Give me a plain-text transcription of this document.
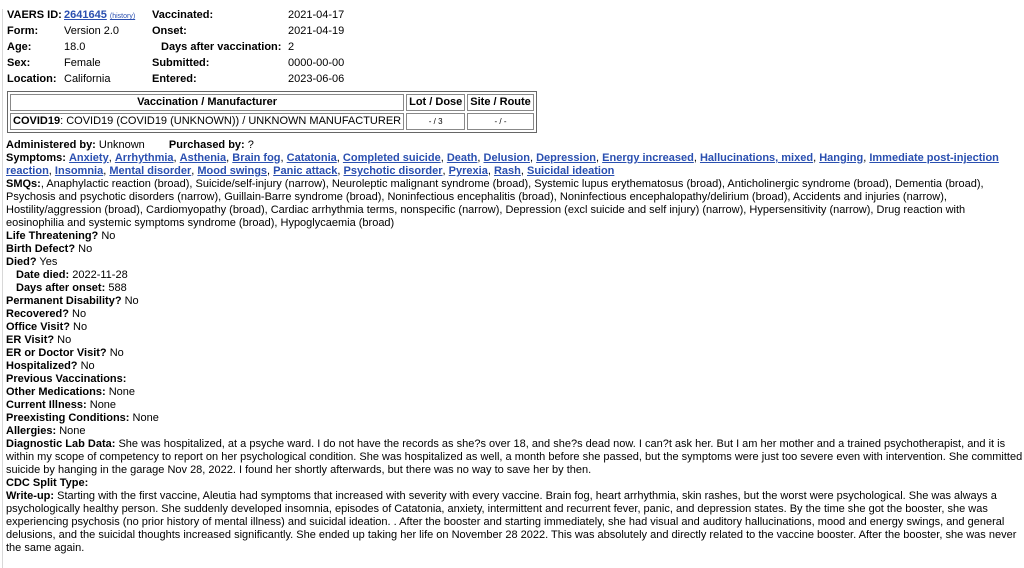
VAERS ID:	2641645 (history)	Vaccinated:	2021-04-17
Form:	Version 2.0	Onset:	2021-04-19
Age:	18.0	Days after vaccination:	2
Sex:	Female	Submitted:	0000-00-00
Location:	California	Entered:	2023-06-06
Vaccination / Manufacturer	Lot / Dose	Site / Route
COVID19: COVID19 (COVID19 (UNKNOWN)) / UNKNOWN MANUFACTURER	- / 3	- / -
Administered by: Unknown Purchased by: ?
Symptoms: Anxiety, Arrhythmia, Asthenia, Brain fog, Catatonia, Completed suicide, Death, Delusion, Depression, Energy increased, Hallucinations, mixed, Hanging, Immediate post-injection reaction, Insomnia, Mental disorder, Mood swings, Panic attack, Psychotic disorder, Pyrexia, Rash, Suicidal ideation
SMQs:, Anaphylactic reaction (broad), Suicide/self-injury (narrow), Neuroleptic malignant syndrome (broad), Systemic lupus erythematosus (broad), Anticholinergic syndrome (broad), Dementia (broad), Psychosis and psychotic disorders (narrow), Guillain-Barre syndrome (broad), Noninfectious encephalitis (broad), Noninfectious encephalopathy/delirium (broad), Accidents and injuries (narrow), Hostility/aggression (broad), Cardiomyopathy (broad), Cardiac arrhythmia terms, nonspecific (narrow), Depression (excl suicide and self injury) (narrow), Hypersensitivity (narrow), Drug reaction with eosinophilia and systemic symptoms syndrome (broad), Hypoglycaemia (broad)
Life Threatening? No
Birth Defect? No
Died? Yes
Date died: 2022-11-28
Days after onset: 588
Permanent Disability? No
Recovered? No
Office Visit? No
ER Visit? No
ER or Doctor Visit? No
Hospitalized? No
Previous Vaccinations:
Other Medications: None
Current Illness: None
Preexisting Conditions: None
Allergies: None
Diagnostic Lab Data: She was hospitalized, at a psyche ward. I do not have the records as she?s over 18, and she?s dead now. I can?t ask her. But I am her mother and a trained psychotherapist, and it is within my scope of competency to report on her psychological condition. She was hospitalized as well, a month before she passed, but the symptoms were just too severe even with intervention. She committed suicide by hanging in the garage Nov 28, 2022. I found her shortly afterwards, but there was no way to save her by then.
CDC Split Type:
Write-up: Starting with the first vaccine, Aleutia had symptoms that increased with severity with every vaccine. Brain fog, heart arrhythmia, skin rashes, but the worst were psychological. She was always a psychologically healthy person. She suddenly developed insomnia, episodes of Catatonia, anxiety, intermittent and recurrent fever, panic, and depression states. By the time she got the booster, she was experiencing psychosis (no prior history of mental illness) and suicidal ideation. . After the booster and starting immediately, she had visual and auditory hallucinations, mood and energy swings, and general delusions, and the suicidal thoughts increased significantly. She ended up taking her life on November 28 2022. This was absolutely and directly related to the vaccine booster. After the booster, she was never the same again.
